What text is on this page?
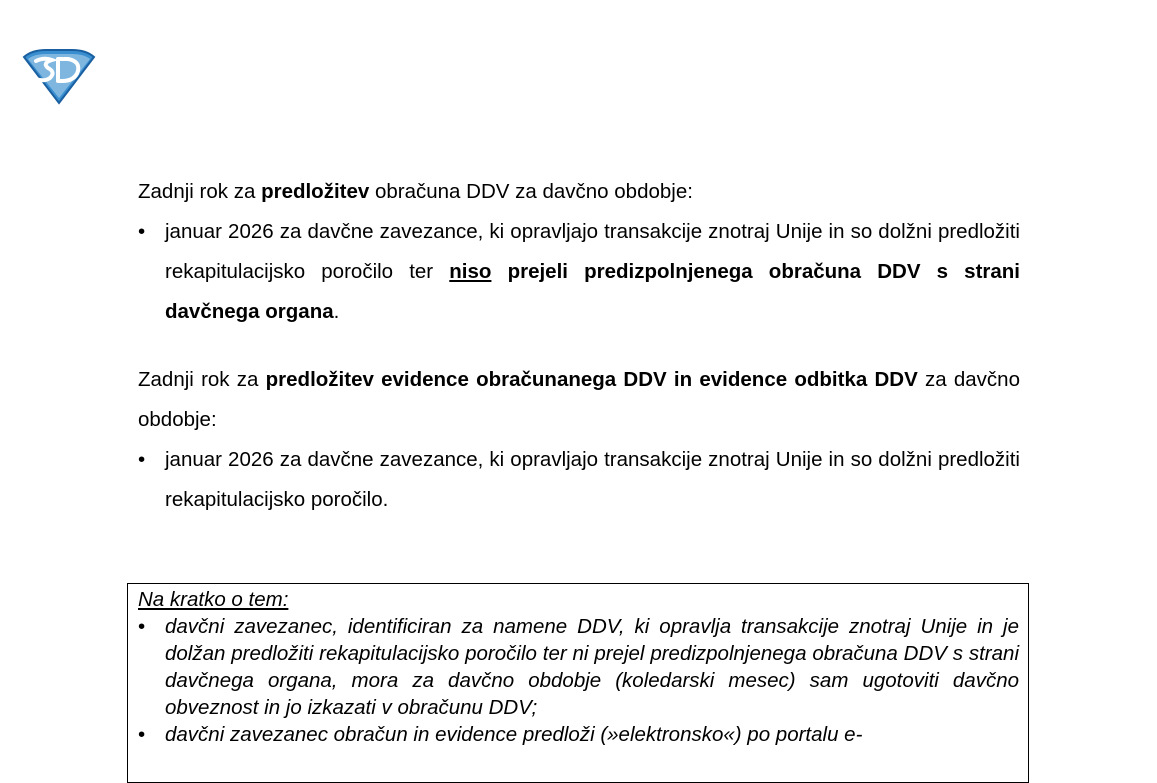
Zadnji rok za predložitev obračuna DDV za davčno obdobje:

• januar 2026 za davčne zavezance, ki opravljajo transakcije znotraj Unije in so dolžni predložiti rekapitulacijsko poročilo ter niso prejeli predizpolnjenega obračuna DDV s strani davčnega organa.

Zadnji rok za predložitev evidence obračunanega DDV in evidence odbitka DDV za davčno obdobje:

• januar 2026 za davčne zavezance, ki opravljajo transakcije znotraj Unije in so dolžni predložiti rekapitulacijsko poročilo.
Na kratko o tem:
• davčni zavezanec, identificiran za namene DDV, ki opravlja transakcije znotraj Unije in je dolžan predložiti rekapitulacijsko poročilo ter ni prejel predizpolnjenega obračuna DDV s strani davčnega organa, mora za davčno obdobje (koledarski mesec) sam ugotoviti davčno obveznost in jo izkazati v obračunu DDV;
• davčni zavezanec obračun in evidence predloži (»elektronsko«) po portalu e-
